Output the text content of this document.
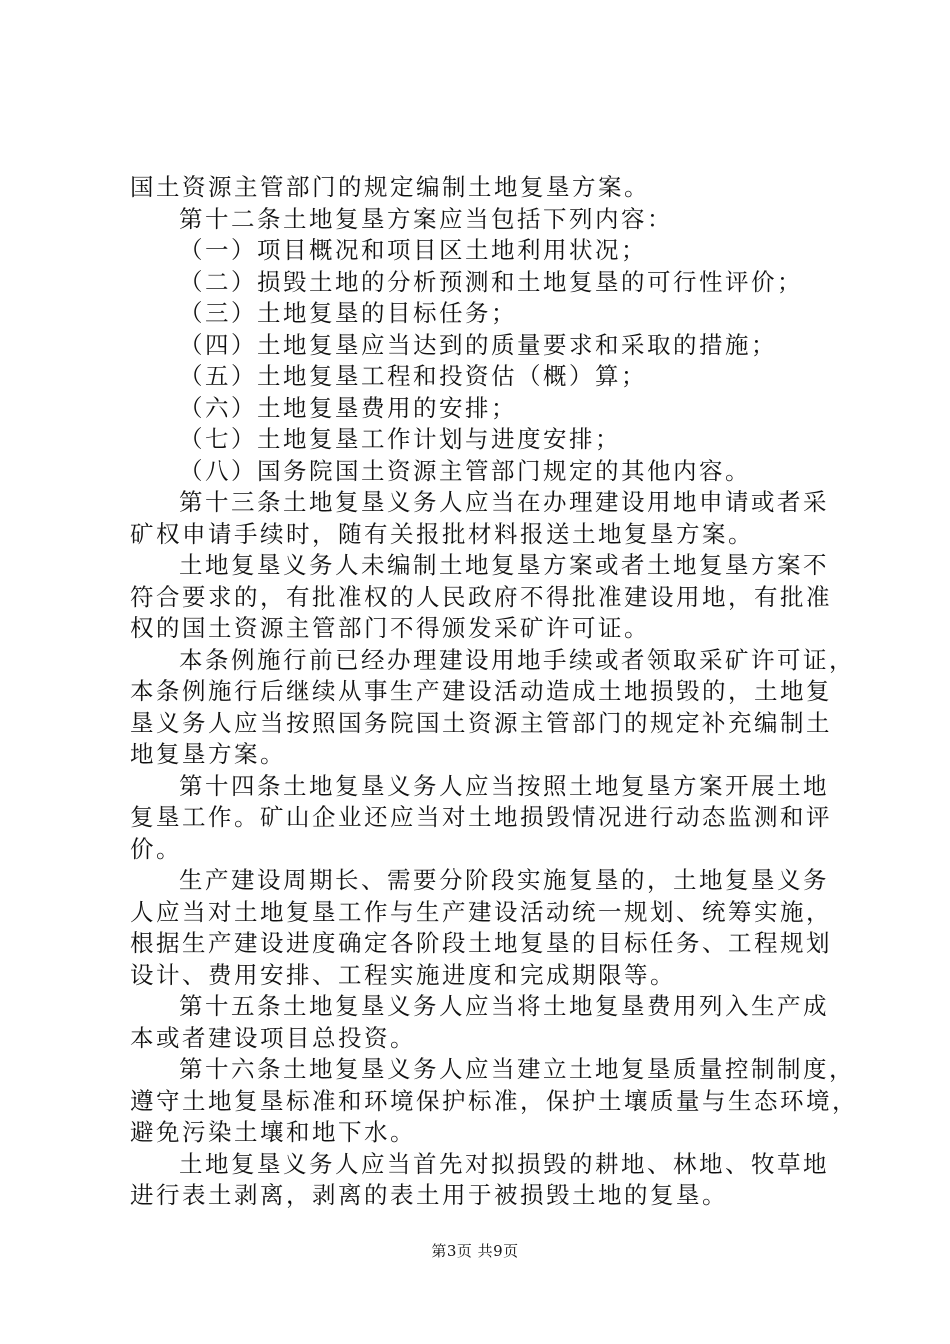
国土资源主管部门的规定编制土地复垦方案。
第十二条土地复垦方案应当包括下列内容：
（一）项目概况和项目区土地利用状况；
（二）损毁土地的分析预测和土地复垦的可行性评价；
（三）土地复垦的目标任务；
（四）土地复垦应当达到的质量要求和采取的措施；
（五）土地复垦工程和投资估（概）算；
（六）土地复垦费用的安排；
（七）土地复垦工作计划与进度安排；
（八）国务院国土资源主管部门规定的其他内容。
第十三条土地复垦义务人应当在办理建设用地申请或者采
矿权申请手续时，随有关报批材料报送土地复垦方案。
土地复垦义务人未编制土地复垦方案或者土地复垦方案不
符合要求的，有批准权的人民政府不得批准建设用地，有批准
权的国土资源主管部门不得颁发采矿许可证。
本条例施行前已经办理建设用地手续或者领取采矿许可证，
本条例施行后继续从事生产建设活动造成土地损毁的，土地复
垦义务人应当按照国务院国土资源主管部门的规定补充编制土
地复垦方案。
第十四条土地复垦义务人应当按照土地复垦方案开展土地
复垦工作。矿山企业还应当对土地损毁情况进行动态监测和评
价。
生产建设周期长、需要分阶段实施复垦的，土地复垦义务
人应当对土地复垦工作与生产建设活动统一规划、统筹实施，
根据生产建设进度确定各阶段土地复垦的目标任务、工程规划
设计、费用安排、工程实施进度和完成期限等。
第十五条土地复垦义务人应当将土地复垦费用列入生产成
本或者建设项目总投资。
第十六条土地复垦义务人应当建立土地复垦质量控制制度，
遵守土地复垦标准和环境保护标准，保护土壤质量与生态环境，
避免污染土壤和地下水。
土地复垦义务人应当首先对拟损毁的耕地、林地、牧草地
进行表土剥离，剥离的表土用于被损毁土地的复垦。
第3页 共9页
